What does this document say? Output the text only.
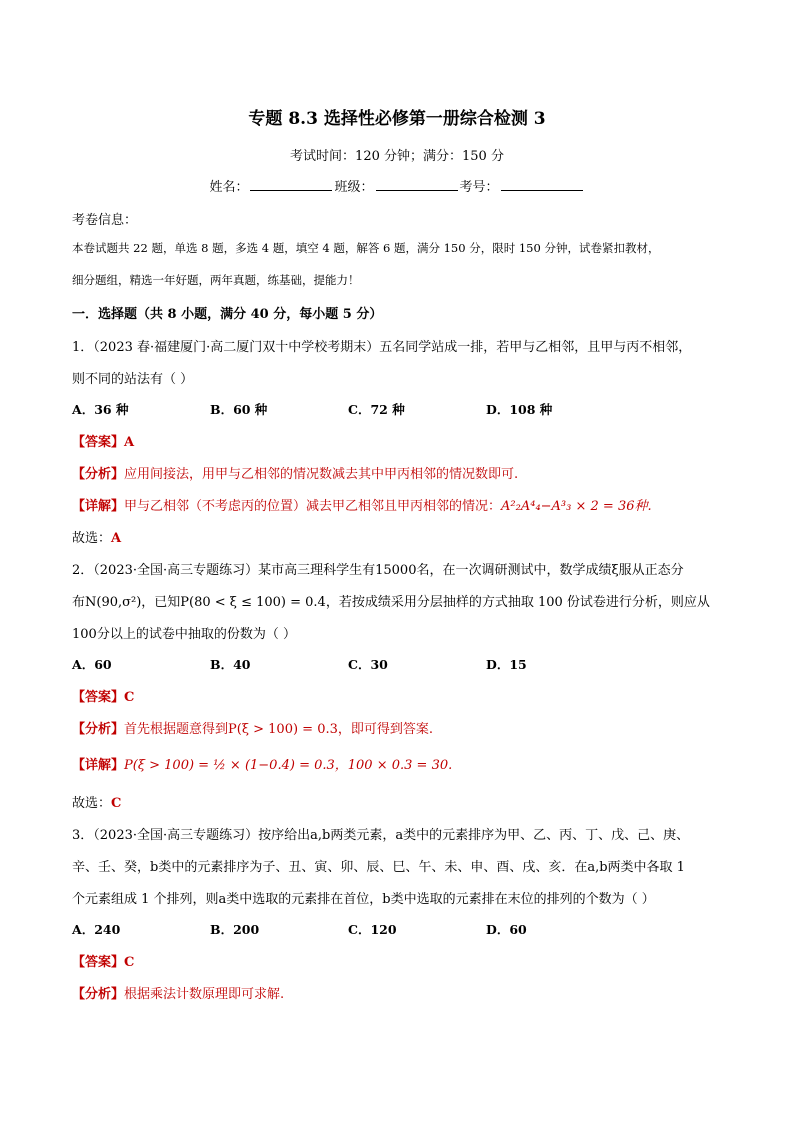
专题 8.3 选择性必修第一册综合检测 3
考试时间：120 分钟；满分：150 分
姓名：	班级：	考号：
考卷信息：
本卷试题共 22 题，单选 8 题，多选 4 题，填空 4 题，解答 6 题，满分 150 分，限时 150 分钟，试卷紧扣教材，
细分题组，精选一年好题，两年真题，练基础，提能力！
一．选择题（共 8 小题，满分 40 分，每小题 5 分）
1．（2023 春·福建厦门·高二厦门双十中学校考期末）五名同学站成一排，若甲与乙相邻，且甲与丙不相邻，
则不同的站法有（ ）
A．36 种	B．60 种	C．72 种	D．108 种
【答案】A
【分析】应用间接法，用甲与乙相邻的情况数减去其中甲丙相邻的情况数即可.
【详解】甲与乙相邻（不考虑丙的位置）减去甲乙相邻且甲丙相邻的情况：A²₂A⁴₄−A³₃ × 2 = 36种.
故选：A
2．（2023·全国·高三专题练习）某市高三理科学生有15000名，在一次调研测试中，数学成绩ξ服从正态分
布N(90,σ²)，已知P(80 < ξ ≤ 100) = 0.4，若按成绩采用分层抽样的方式抽取 100 份试卷进行分析，则应从
100分以上的试卷中抽取的份数为（ ）
A．60	B．40	C．30	D．15
【答案】C
【分析】首先根据题意得到P(ξ > 100) = 0.3，即可得到答案.
【详解】P(ξ > 100) = ½ × (1−0.4) = 0.3，100 × 0.3 = 30.
故选：C
3．（2023·全国·高三专题练习）按序给出a,b两类元素，a类中的元素排序为甲、乙、丙、丁、戊、己、庚、
辛、壬、癸，b类中的元素排序为子、丑、寅、卯、辰、巳、午、未、申、酉、戌、亥．在a,b两类中各取 1
个元素组成 1 个排列，则a类中选取的元素排在首位，b类中选取的元素排在末位的排列的个数为（ ）
A．240	B．200	C．120	D．60
【答案】C
【分析】根据乘法计数原理即可求解.
